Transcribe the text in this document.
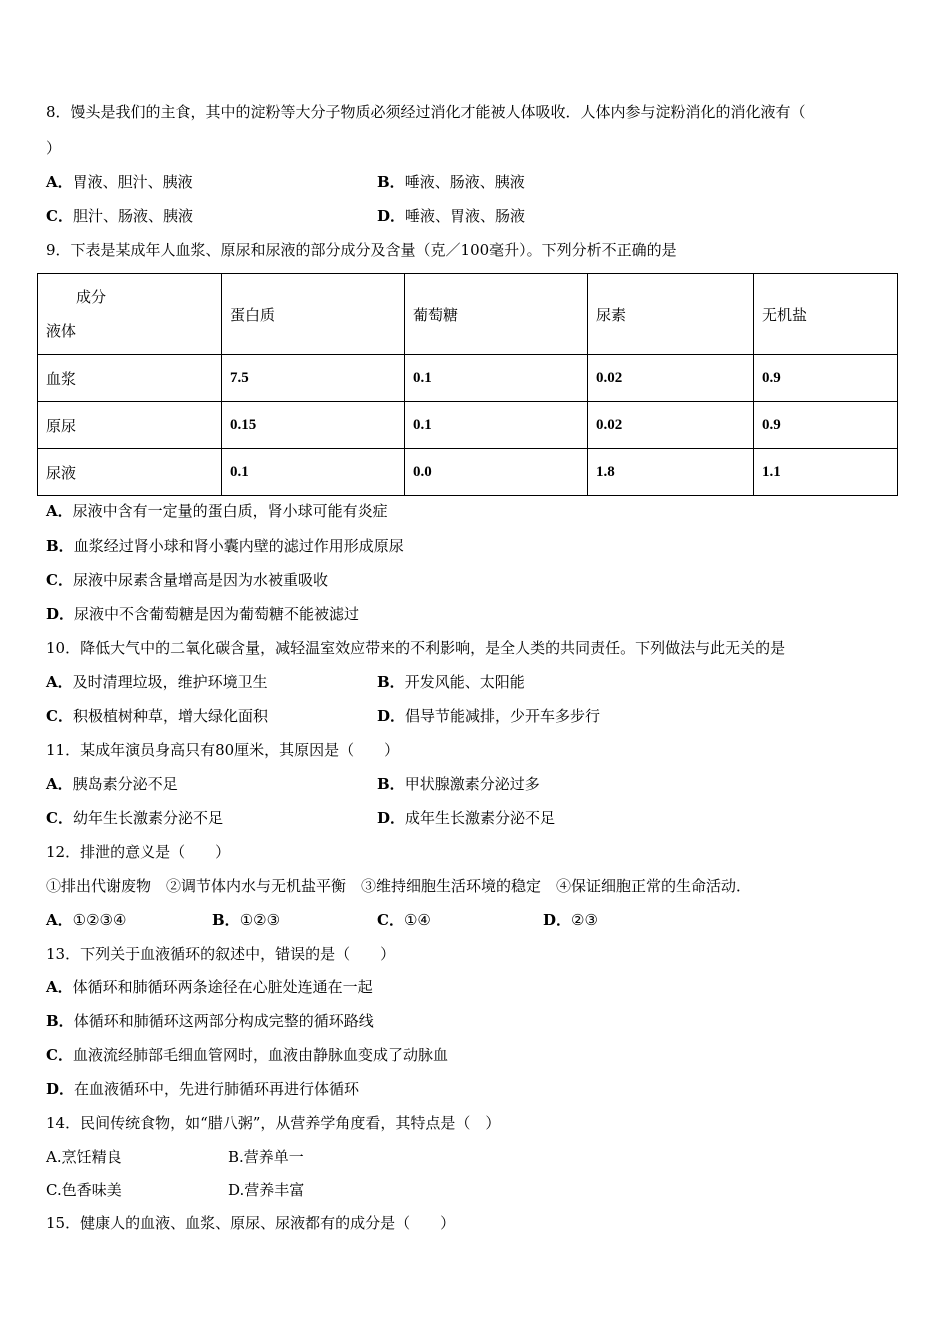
8．馒头是我们的主食，其中的淀粉等大分子物质必须经过消化才能被人体吸收．人体内参与淀粉消化的消化液有（
）
A．胃液、胆汁、胰液	B．唾液、肠液、胰液
C．胆汁、肠液、胰液	D．唾液、胃液、肠液
9．下表是某成年人血浆、原尿和尿液的部分成分及含量（克／100毫升）。下列分析不正确的是
成分
液体	蛋白质	葡萄糖	尿素	无机盐
血浆	7.5	0.1	0.02	0.9
原尿	0.15	0.1	0.02	0.9
尿液	0.1	0.0	1.8	1.1
A．尿液中含有一定量的蛋白质，肾小球可能有炎症
B．血浆经过肾小球和肾小囊内壁的滤过作用形成原尿
C．尿液中尿素含量增高是因为水被重吸收
D．尿液中不含葡萄糖是因为葡萄糖不能被滤过
10．降低大气中的二氧化碳含量，减轻温室效应带来的不利影响，是全人类的共同责任。下列做法与此无关的是
A．及时清理垃圾，维护环境卫生	B．开发风能、太阳能
C．积极植树种草，增大绿化面积	D．倡导节能减排，少开车多步行
11．某成年演员身高只有80厘米，其原因是（　　）
A．胰岛素分泌不足	B．甲状腺激素分泌过多
C．幼年生长激素分泌不足	D．成年生长激素分泌不足
12．排泄的意义是（　　）
①排出代谢废物　②调节体内水与无机盐平衡　③维持细胞生活环境的稳定　④保证细胞正常的生命活动．
A．①②③④	B．①②③	C．①④	D．②③
13．下列关于血液循环的叙述中，错误的是（　　）
A．体循环和肺循环两条途径在心脏处连通在一起
B．体循环和肺循环这两部分构成完整的循环路线
C．血液流经肺部毛细血管网时，血液由静脉血变成了动脉血
D．在血液循环中，先进行肺循环再进行体循环
14．民间传统食物，如“腊八粥”，从营养学角度看，其特点是（　）
A.烹饪精良	B.营养单一
C.色香味美	D.营养丰富
15．健康人的血液、血浆、原尿、尿液都有的成分是（　　）
